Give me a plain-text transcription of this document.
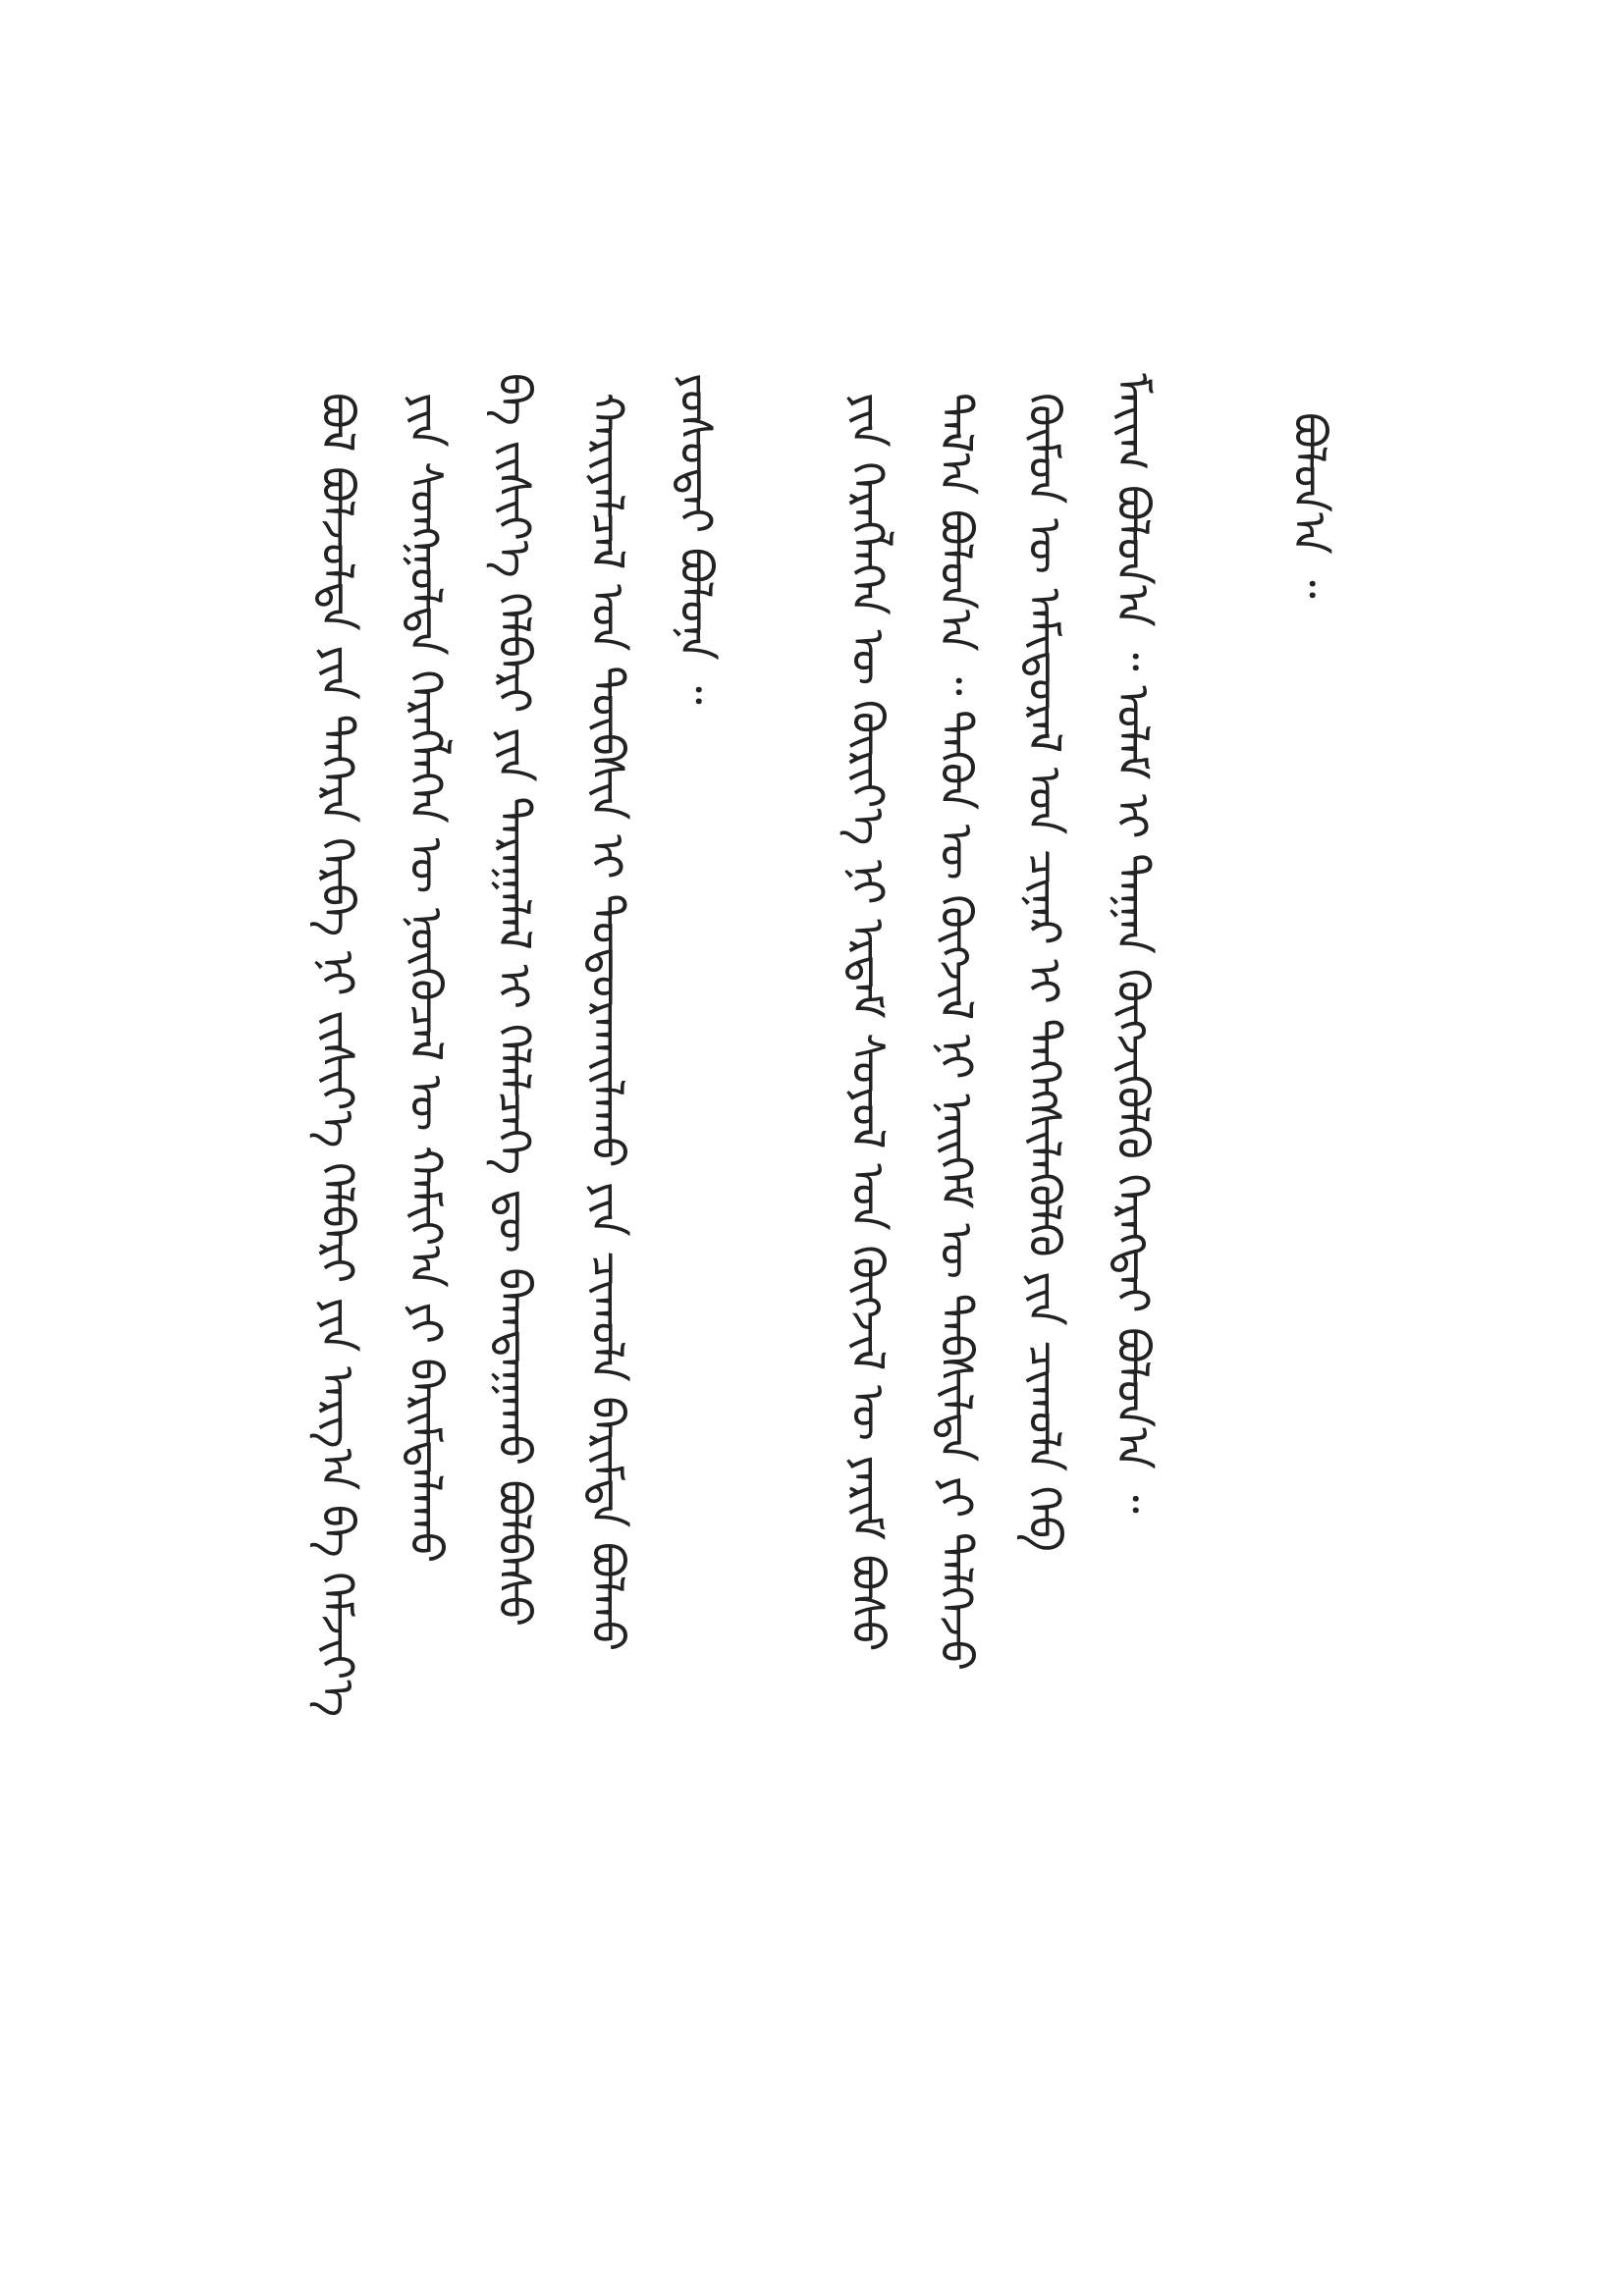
ᠪᠣᠯ ᠪᠣᠯᠵᠣᠯᠲᠠ ᠶᠢᠨ ᠳᠡᠭᠡᠷᠡ ᠬᠡᠷᠪᠡ ᠨᠢ ᠵᠢᠱᠢᠶ᠎ᠡ ᠬᠡᠯᠪᠡᠷᠢ ᠶᠢᠨ ᠠᠷᠭ᠎ᠠ ᠪᠠ ᠬᠡᠮᠵᠢᠶ᠎ᠡ ᠶᠢᠨ ᠰᠣᠩᠭᠣᠯᠲᠠ ᠬᠡᠷᠡᠭᠯᠡᠭᠡᠨ ᠦ ᠨᠥᠬᠦᠴᠡᠯ ᠦ ᠬᠠᠮᠢᠶ᠎ᠠ ᠶᠢ ᠪᠠᠷᠢᠮᠳᠠᠯᠠᠬᠤ ᠪᠠ ᠵᠢᠱᠢᠶ᠎ᠡ ᠬᠡᠯᠪᠡᠷᠢ ᠶᠢᠨ ᠳᠠᠷᠠᠭᠠᠯᠠᠯ ᠢ ᠬᠡᠯᠡᠯᠴᠡᠭᠡ ᠳᠦ ᠪᠠᠭᠲᠠᠭᠠᠬᠤ ᠪᠣᠯᠪᠠᠰᠤ ᠬᠠᠷᠢᠶᠠᠯᠴᠠᠯ ᠤᠨ ᠲᠦᠪᠰᠢᠨ ᠢ ᠲᠣᠳᠣᠷᠬᠠᠢᠯᠠᠬᠤ ᠶᠢᠨ ᠴᠢᠬᠤᠯᠠ ᠪᠠᠷᠢᠮᠲᠠ ᠪᠣᠯᠬᠤ ᠶᠣᠰᠣᠲᠠᠢ ᠪᠣᠯᠤᠨᠠ ᠃	ᠶᠢᠨ ᠬᠡᠷᠡᠭᠯᠡᠭᠡᠨ ᠦ ᠬᠦᠷᠢᠶ᠎ᠡ ᠨᠢ ᠡᠷᠳᠡᠮ ᠰᠣᠶᠣᠯ ᠤᠨ ᠬᠥᠭᠵᠢᠯ ᠦ ᠶᠠᠷᠢᠮ ᠪᠤᠰᠤ ᠲᠠᠯ᠎ᠠ ᠪᠣᠯᠤᠨ᠎ᠠ ᠃ ᠲᠡᠭᠦᠨ ᠦ ᠬᠥᠭᠵᠢᠯ ᠨᠢ ᠨᠡᠢᠭᠡᠮ ᠦ ᠳᠡᠪᠰᠢᠯᠲᠡ ᠶᠢ ᠲᠡᠯᠭᠡᠵᠦ ᠬᠦᠮᠦᠨ ᠦ ᠠᠮᠢᠳᠤᠷᠠᠯ ᠤᠨ ᠴᠢᠨᠠᠷ ᠢ ᠳᠡᠭᠡᠭᠰᠢᠯᠡᠭᠦᠯᠬᠦ ᠶᠢᠨ ᠴᠢᠬᠤᠯᠠ ᠬᠡᠪ ᠮᠠᠶ᠋ᠢᠭ ᠪᠣᠯᠤᠨ᠎ᠠ ᠃ ᠤᠯᠠᠮ ᠢ ᠳᠠᠭᠠᠨ ᠬᠥᠭᠵᠢᠭᠦᠯᠬᠦ ᠬᠡᠷᠡᠭᠲᠡᠢ ᠪᠣᠯᠤᠨ᠎ᠠ ᠃	ᠪᠣᠯᠤᠨ᠎ᠠ ᠃
